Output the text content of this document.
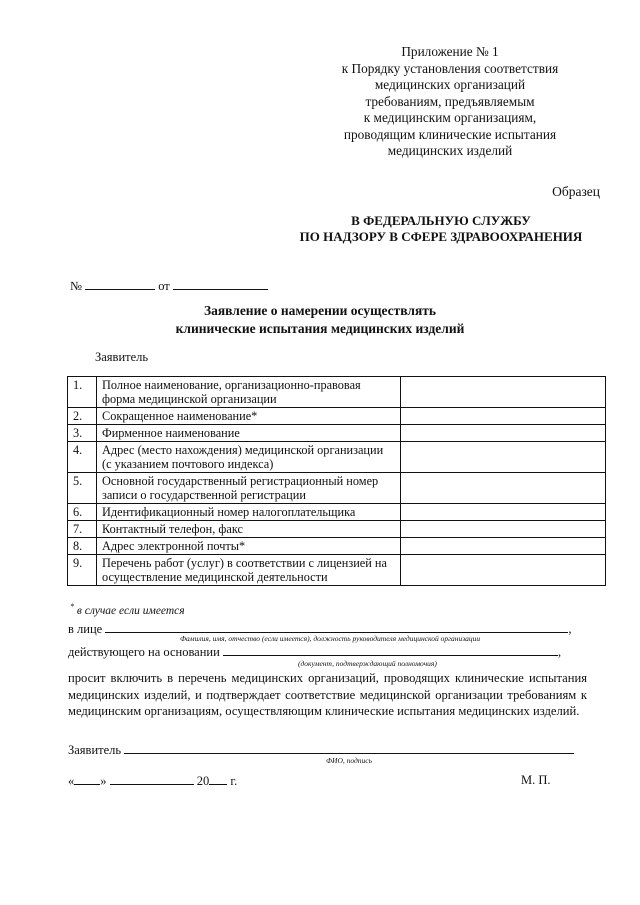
Приложение № 1
к Порядку установления соответствия
медицинских организаций
требованиям, предъявляемым
к медицинским организациям,
проводящим клинические испытания
медицинских изделий
Образец
В ФЕДЕРАЛЬНУЮ СЛУЖБУ
ПО НАДЗОРУ В СФЕРЕ ЗДРАВООХРАНЕНИЯ
№	от
Заявление о намерении осуществлять
клинические испытания медицинских изделий
Заявитель
1.	Полное наименование, организационно-правовая форма медицинской организации	
2.	Сокращенное наименование*	
3.	Фирменное наименование	
4.	Адрес (место нахождения) медицинской организации (с указанием почтового индекса)	
5.	Основной государственный регистрационный номер записи о государственной регистрации	
6.	Идентификационный номер налогоплательщика	
7.	Контактный телефон, факс	
8.	Адрес электронной почты*	
9.	Перечень работ (услуг) в соответствии с лицензией на осуществление медицинской деятельности	
* в случае если имеется
в лице	,
Фамилия, имя, отчество (если имеется), должность руководителя медицинской организации
действующего на основании	,
(документ, подтверждающий полномочия)
просит включить в перечень медицинских организаций, проводящих клинические испытания медицинских изделий, и подтверждает соответствие медицинской организации требованиям к медицинским организациям, осуществляющим клинические испытания медицинских изделий.
Заявитель
ФИО, подпись
« »	20 г.	М. П.
